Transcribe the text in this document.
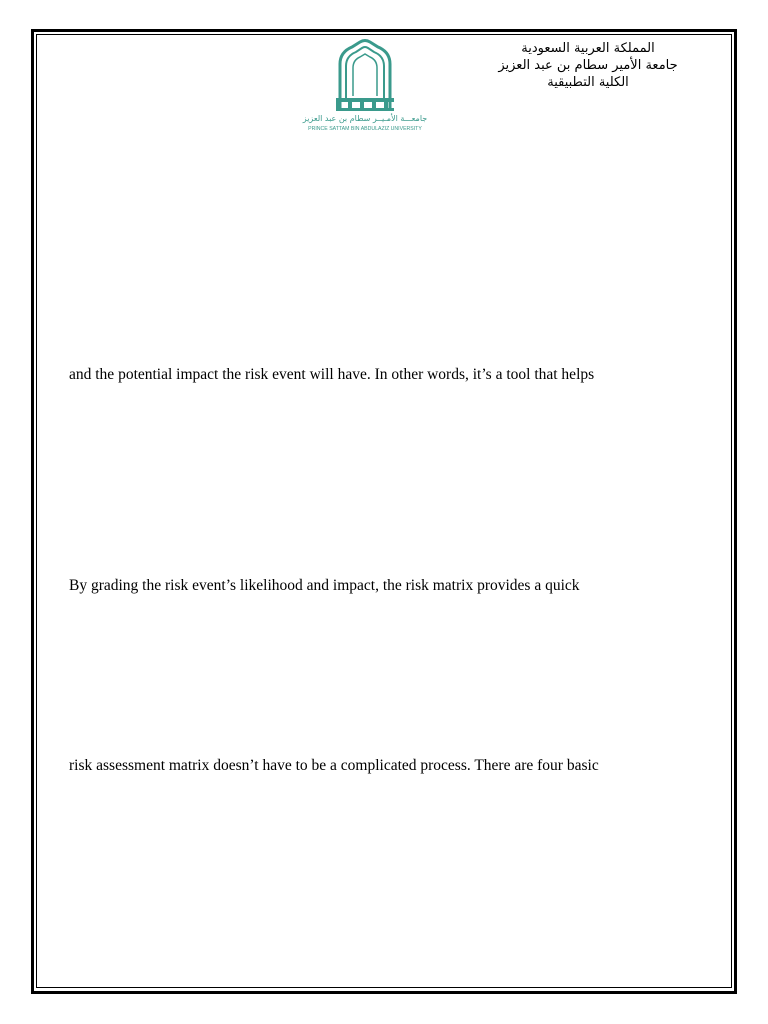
جامعـــة الأمـيــر سطام بن عبد العزيز
PRINCE SATTAM BIN ABDULAZIZ UNIVERSITY
المملكة العربية السعودية
جامعة الأمير سطام بن عبد العزيز
الكلية التطبيقية
and the potential impact the risk event will have. In other words, it’s a tool that helps
By grading the risk event’s likelihood and impact, the risk matrix provides a quick
risk assessment matrix doesn’t have to be a complicated process. There are four basic
